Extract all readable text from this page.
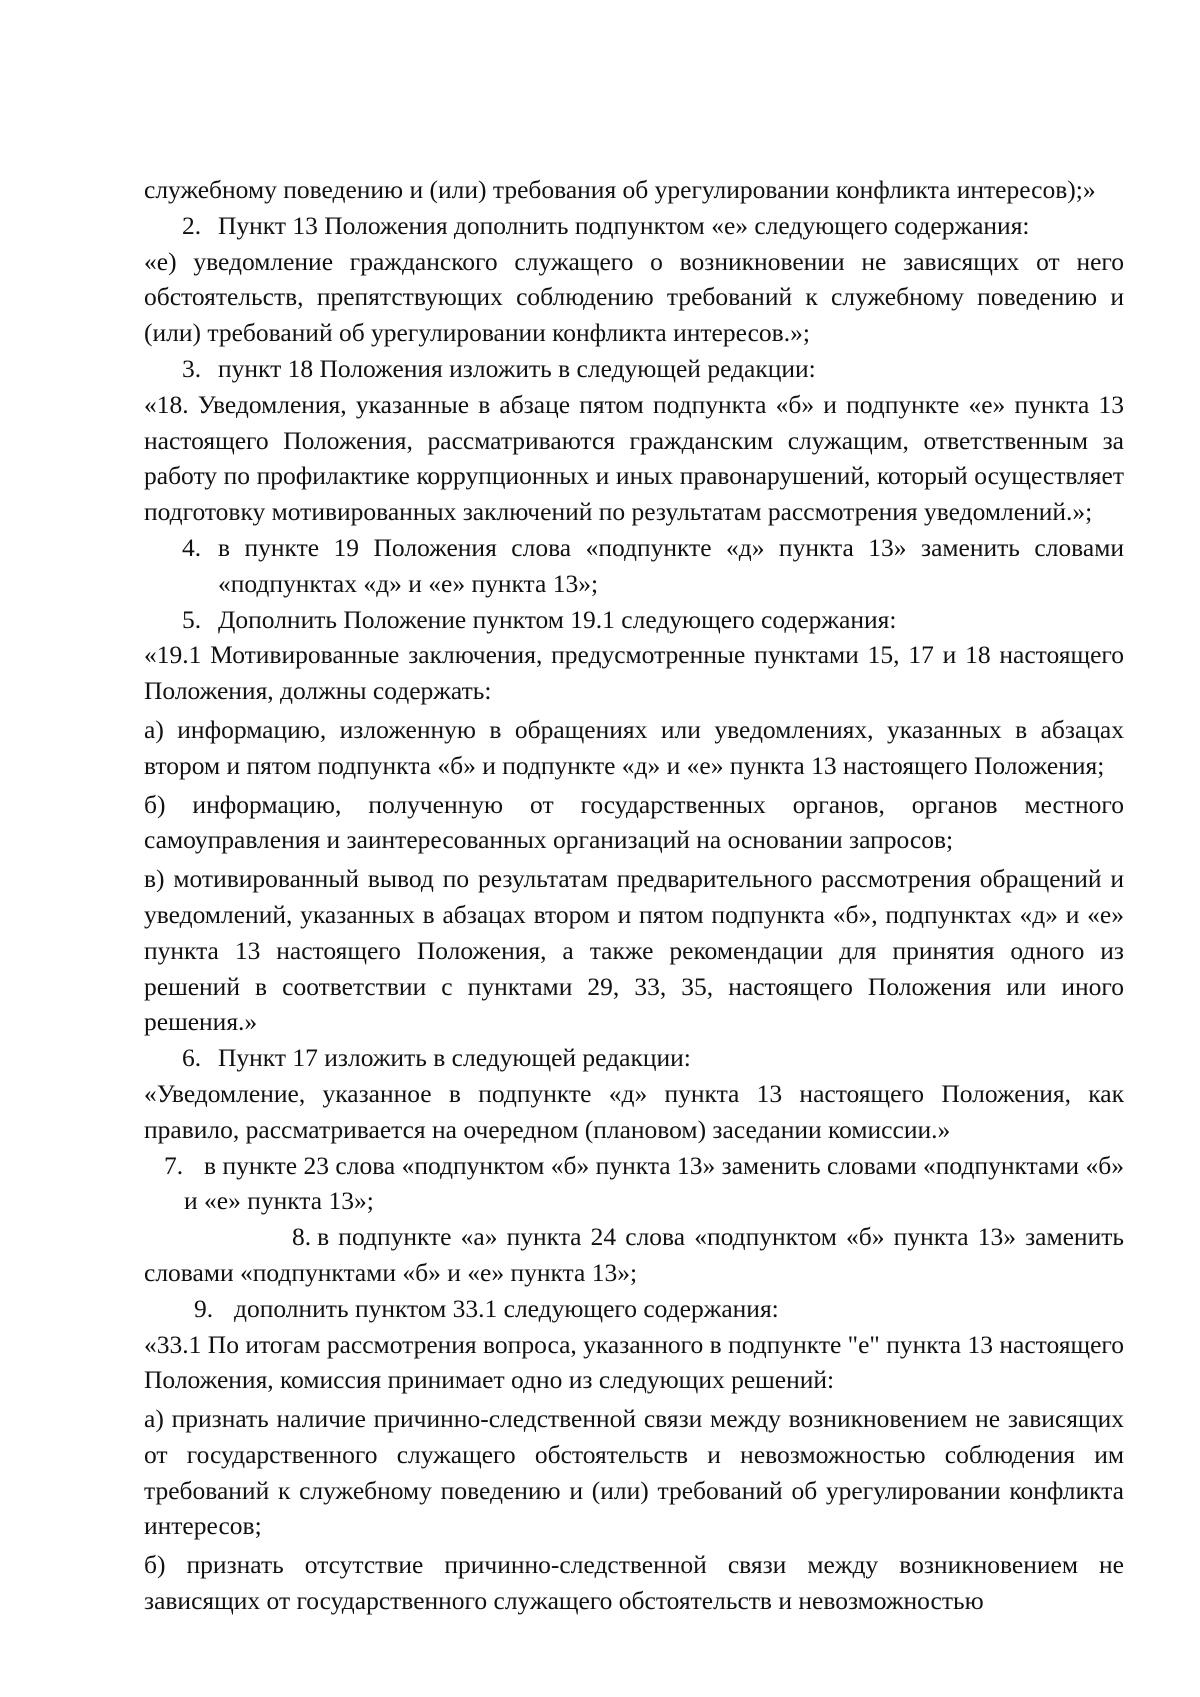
служебному поведению и (или) требования об урегулировании конфликта интересов);»

2. Пункт 13 Положения дополнить подпунктом «е» следующего содержания:

«е) уведомление гражданского служащего о возникновении не зависящих от него обстоятельств, препятствующих соблюдению требований к служебному поведению и (или) требований об урегулировании конфликта интересов.»;

3. пункт 18 Положения изложить в следующей редакции:

«18. Уведомления, указанные в абзаце пятом подпункта «б» и подпункте «е» пункта 13 настоящего Положения, рассматриваются гражданским служащим, ответственным за работу по профилактике коррупционных и иных правонарушений, который осуществляет подготовку мотивированных заключений по результатам рассмотрения уведомлений.»;

4. в пункте 19 Положения слова «подпункте «д» пункта 13» заменить словами «подпунктах «д» и «е» пункта 13»;

5. Дополнить Положение пунктом 19.1 следующего содержания:

«19.1 Мотивированные заключения, предусмотренные пунктами 15, 17 и 18 настоящего Положения, должны содержать:

а) информацию, изложенную в обращениях или уведомлениях, указанных в абзацах втором и пятом подпункта «б» и подпункте «д» и «е» пункта 13 настоящего Положения;

б) информацию, полученную от государственных органов, органов местного самоуправления и заинтересованных организаций на основании запросов;

в) мотивированный вывод по результатам предварительного рассмотрения обращений и уведомлений, указанных в абзацах втором и пятом подпункта «б», подпунктах «д» и «е» пункта 13 настоящего Положения, а также рекомендации для принятия одного из решений в соответствии с пунктами 29, 33, 35, настоящего Положения или иного решения.»

6. Пункт 17 изложить в следующей редакции:

«Уведомление, указанное в подпункте «д» пункта 13 настоящего Положения, как правило, рассматривается на очередном (плановом) заседании комиссии.»

7. в пункте 23 слова «подпунктом «б» пункта 13» заменить словами «подпунктами «б» и «е» пункта 13»;

8. в подпункте «а» пункта 24 слова «подпунктом «б» пункта 13» заменить словами «подпунктами «б» и «е» пункта 13»;

9. дополнить пунктом 33.1 следующего содержания:

«33.1 По итогам рассмотрения вопроса, указанного в подпункте "е" пункта 13 настоящего Положения, комиссия принимает одно из следующих решений:

а) признать наличие причинно-следственной связи между возникновением не зависящих от государственного служащего обстоятельств и невозможностью соблюдения им требований к служебному поведению и (или) требований об урегулировании конфликта интересов;

б) признать отсутствие причинно-следственной связи между возникновением не зависящих от государственного служащего обстоятельств и невозможностью
